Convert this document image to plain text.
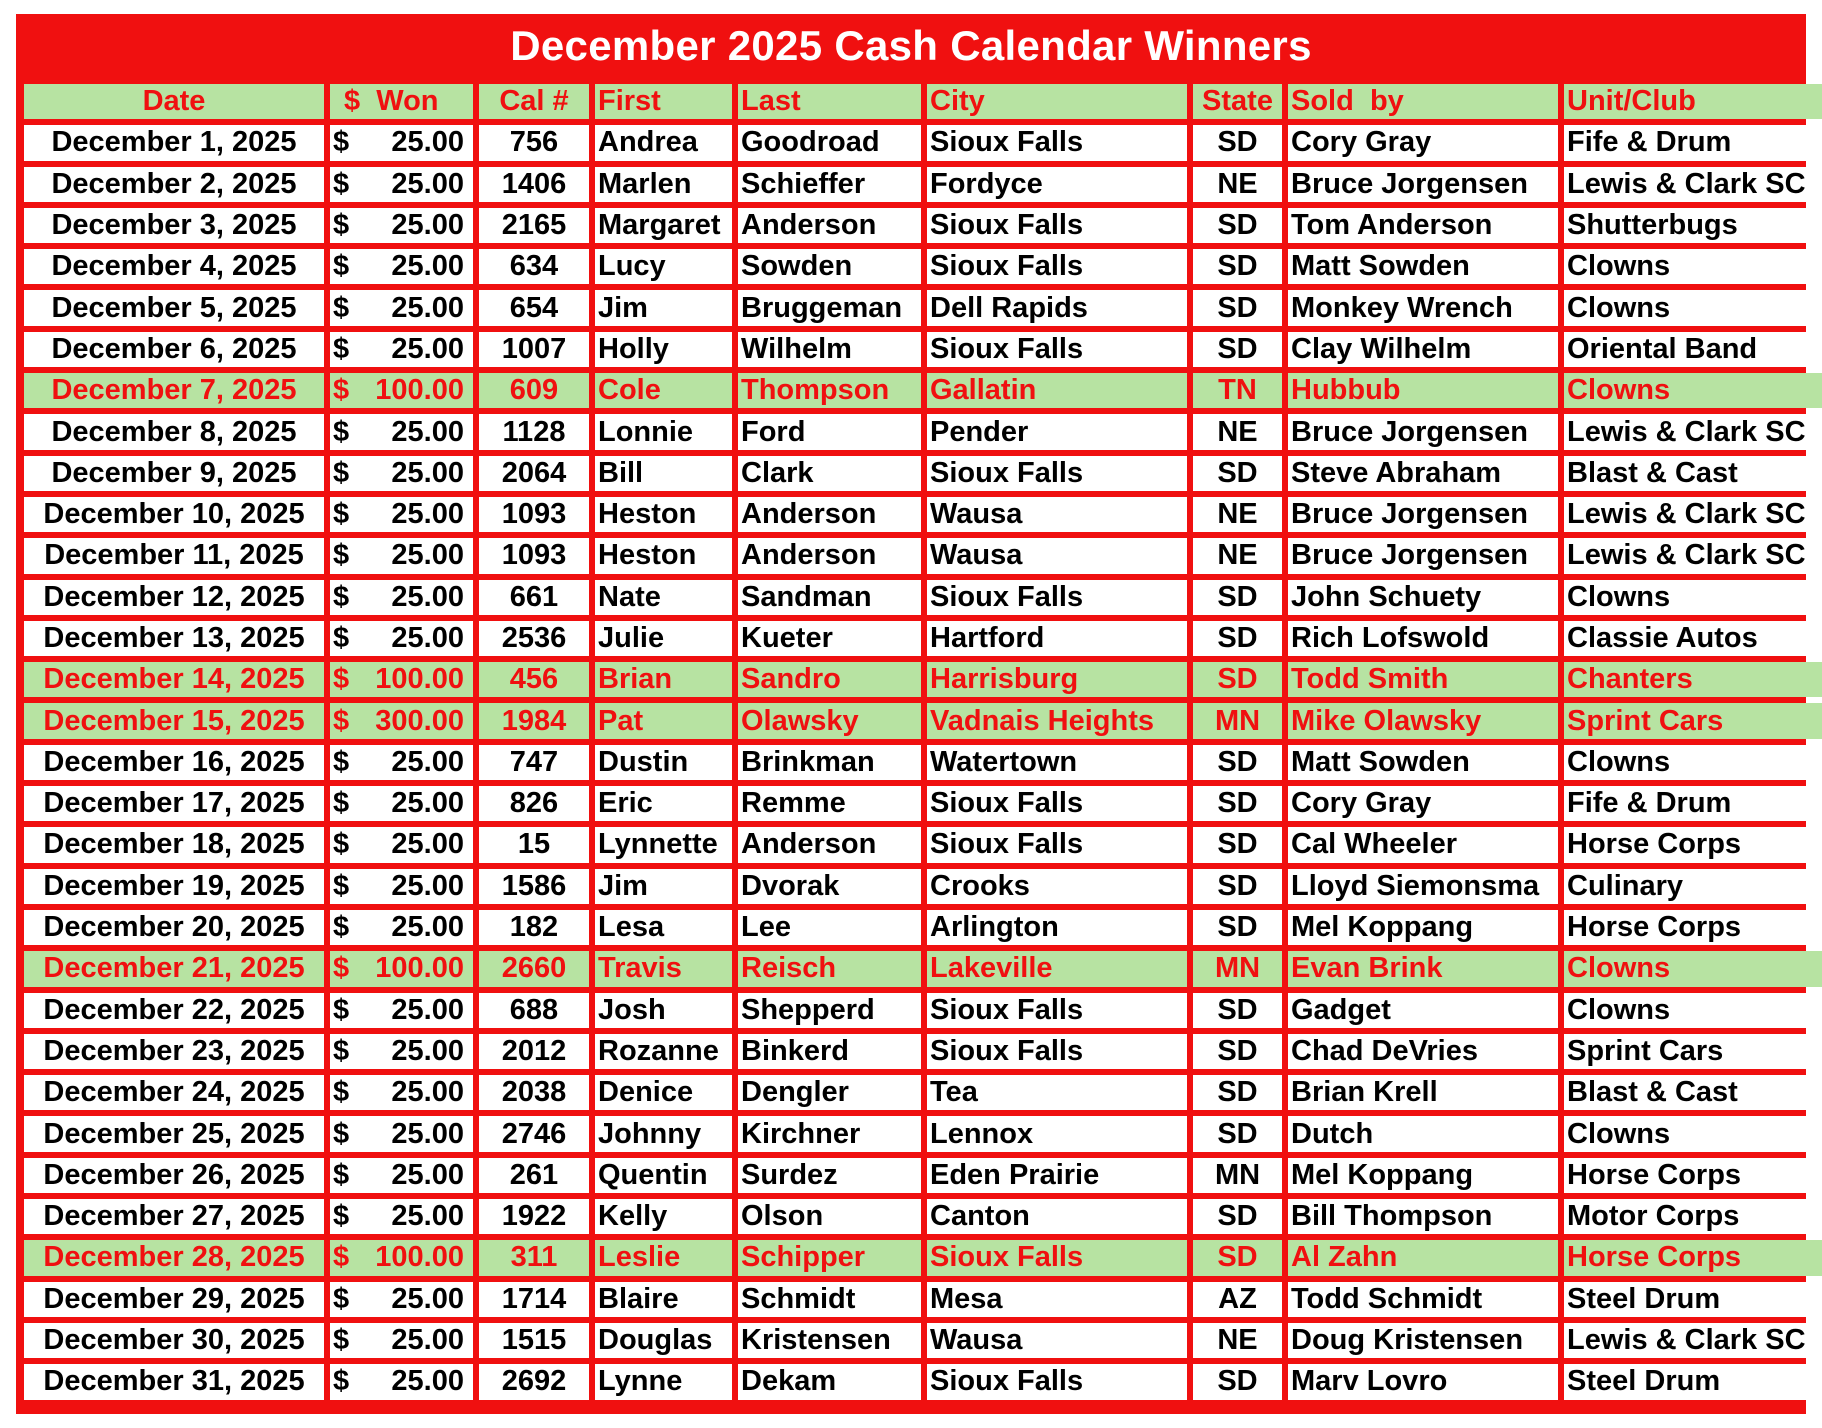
December 2025 Cash Calendar Winners
Date	$  Won	Cal #	First	Last	City	State	Sold  by	Unit/Club
December 1, 2025	$ 25.00	756	Andrea	Goodroad	Sioux Falls	SD	Cory Gray	Fife & Drum
December 2, 2025	$ 25.00	1406	Marlen	Schieffer	Fordyce	NE	Bruce Jorgensen	Lewis & Clark SC
December 3, 2025	$ 25.00	2165	Margaret	Anderson	Sioux Falls	SD	Tom Anderson	Shutterbugs
December 4, 2025	$ 25.00	634	Lucy	Sowden	Sioux Falls	SD	Matt Sowden	Clowns
December 5, 2025	$ 25.00	654	Jim	Bruggeman	Dell Rapids	SD	Monkey Wrench	Clowns
December 6, 2025	$ 25.00	1007	Holly	Wilhelm	Sioux Falls	SD	Clay Wilhelm	Oriental Band
December 7, 2025	$ 100.00	609	Cole	Thompson	Gallatin	TN	Hubbub	Clowns
December 8, 2025	$ 25.00	1128	Lonnie	Ford	Pender	NE	Bruce Jorgensen	Lewis & Clark SC
December 9, 2025	$ 25.00	2064	Bill	Clark	Sioux Falls	SD	Steve Abraham	Blast & Cast
December 10, 2025	$ 25.00	1093	Heston	Anderson	Wausa	NE	Bruce Jorgensen	Lewis & Clark SC
December 11, 2025	$ 25.00	1093	Heston	Anderson	Wausa	NE	Bruce Jorgensen	Lewis & Clark SC
December 12, 2025	$ 25.00	661	Nate	Sandman	Sioux Falls	SD	John Schuety	Clowns
December 13, 2025	$ 25.00	2536	Julie	Kueter	Hartford	SD	Rich Lofswold	Classie Autos
December 14, 2025	$ 100.00	456	Brian	Sandro	Harrisburg	SD	Todd Smith	Chanters
December 15, 2025	$ 300.00	1984	Pat	Olawsky	Vadnais Heights	MN	Mike Olawsky	Sprint Cars
December 16, 2025	$ 25.00	747	Dustin	Brinkman	Watertown	SD	Matt Sowden	Clowns
December 17, 2025	$ 25.00	826	Eric	Remme	Sioux Falls	SD	Cory Gray	Fife & Drum
December 18, 2025	$ 25.00	15	Lynnette	Anderson	Sioux Falls	SD	Cal Wheeler	Horse Corps
December 19, 2025	$ 25.00	1586	Jim	Dvorak	Crooks	SD	Lloyd Siemonsma	Culinary
December 20, 2025	$ 25.00	182	Lesa	Lee	Arlington	SD	Mel Koppang	Horse Corps
December 21, 2025	$ 100.00	2660	Travis	Reisch	Lakeville	MN	Evan Brink	Clowns
December 22, 2025	$ 25.00	688	Josh	Shepperd	Sioux Falls	SD	Gadget	Clowns
December 23, 2025	$ 25.00	2012	Rozanne	Binkerd	Sioux Falls	SD	Chad DeVries	Sprint Cars
December 24, 2025	$ 25.00	2038	Denice	Dengler	Tea	SD	Brian Krell	Blast & Cast
December 25, 2025	$ 25.00	2746	Johnny	Kirchner	Lennox	SD	Dutch	Clowns
December 26, 2025	$ 25.00	261	Quentin	Surdez	Eden Prairie	MN	Mel Koppang	Horse Corps
December 27, 2025	$ 25.00	1922	Kelly	Olson	Canton	SD	Bill Thompson	Motor Corps
December 28, 2025	$ 100.00	311	Leslie	Schipper	Sioux Falls	SD	Al Zahn	Horse Corps
December 29, 2025	$ 25.00	1714	Blaire	Schmidt	Mesa	AZ	Todd Schmidt	Steel Drum
December 30, 2025	$ 25.00	1515	Douglas	Kristensen	Wausa	NE	Doug Kristensen	Lewis & Clark SC
December 31, 2025	$ 25.00	2692	Lynne	Dekam	Sioux Falls	SD	Marv Lovro	Steel Drum
